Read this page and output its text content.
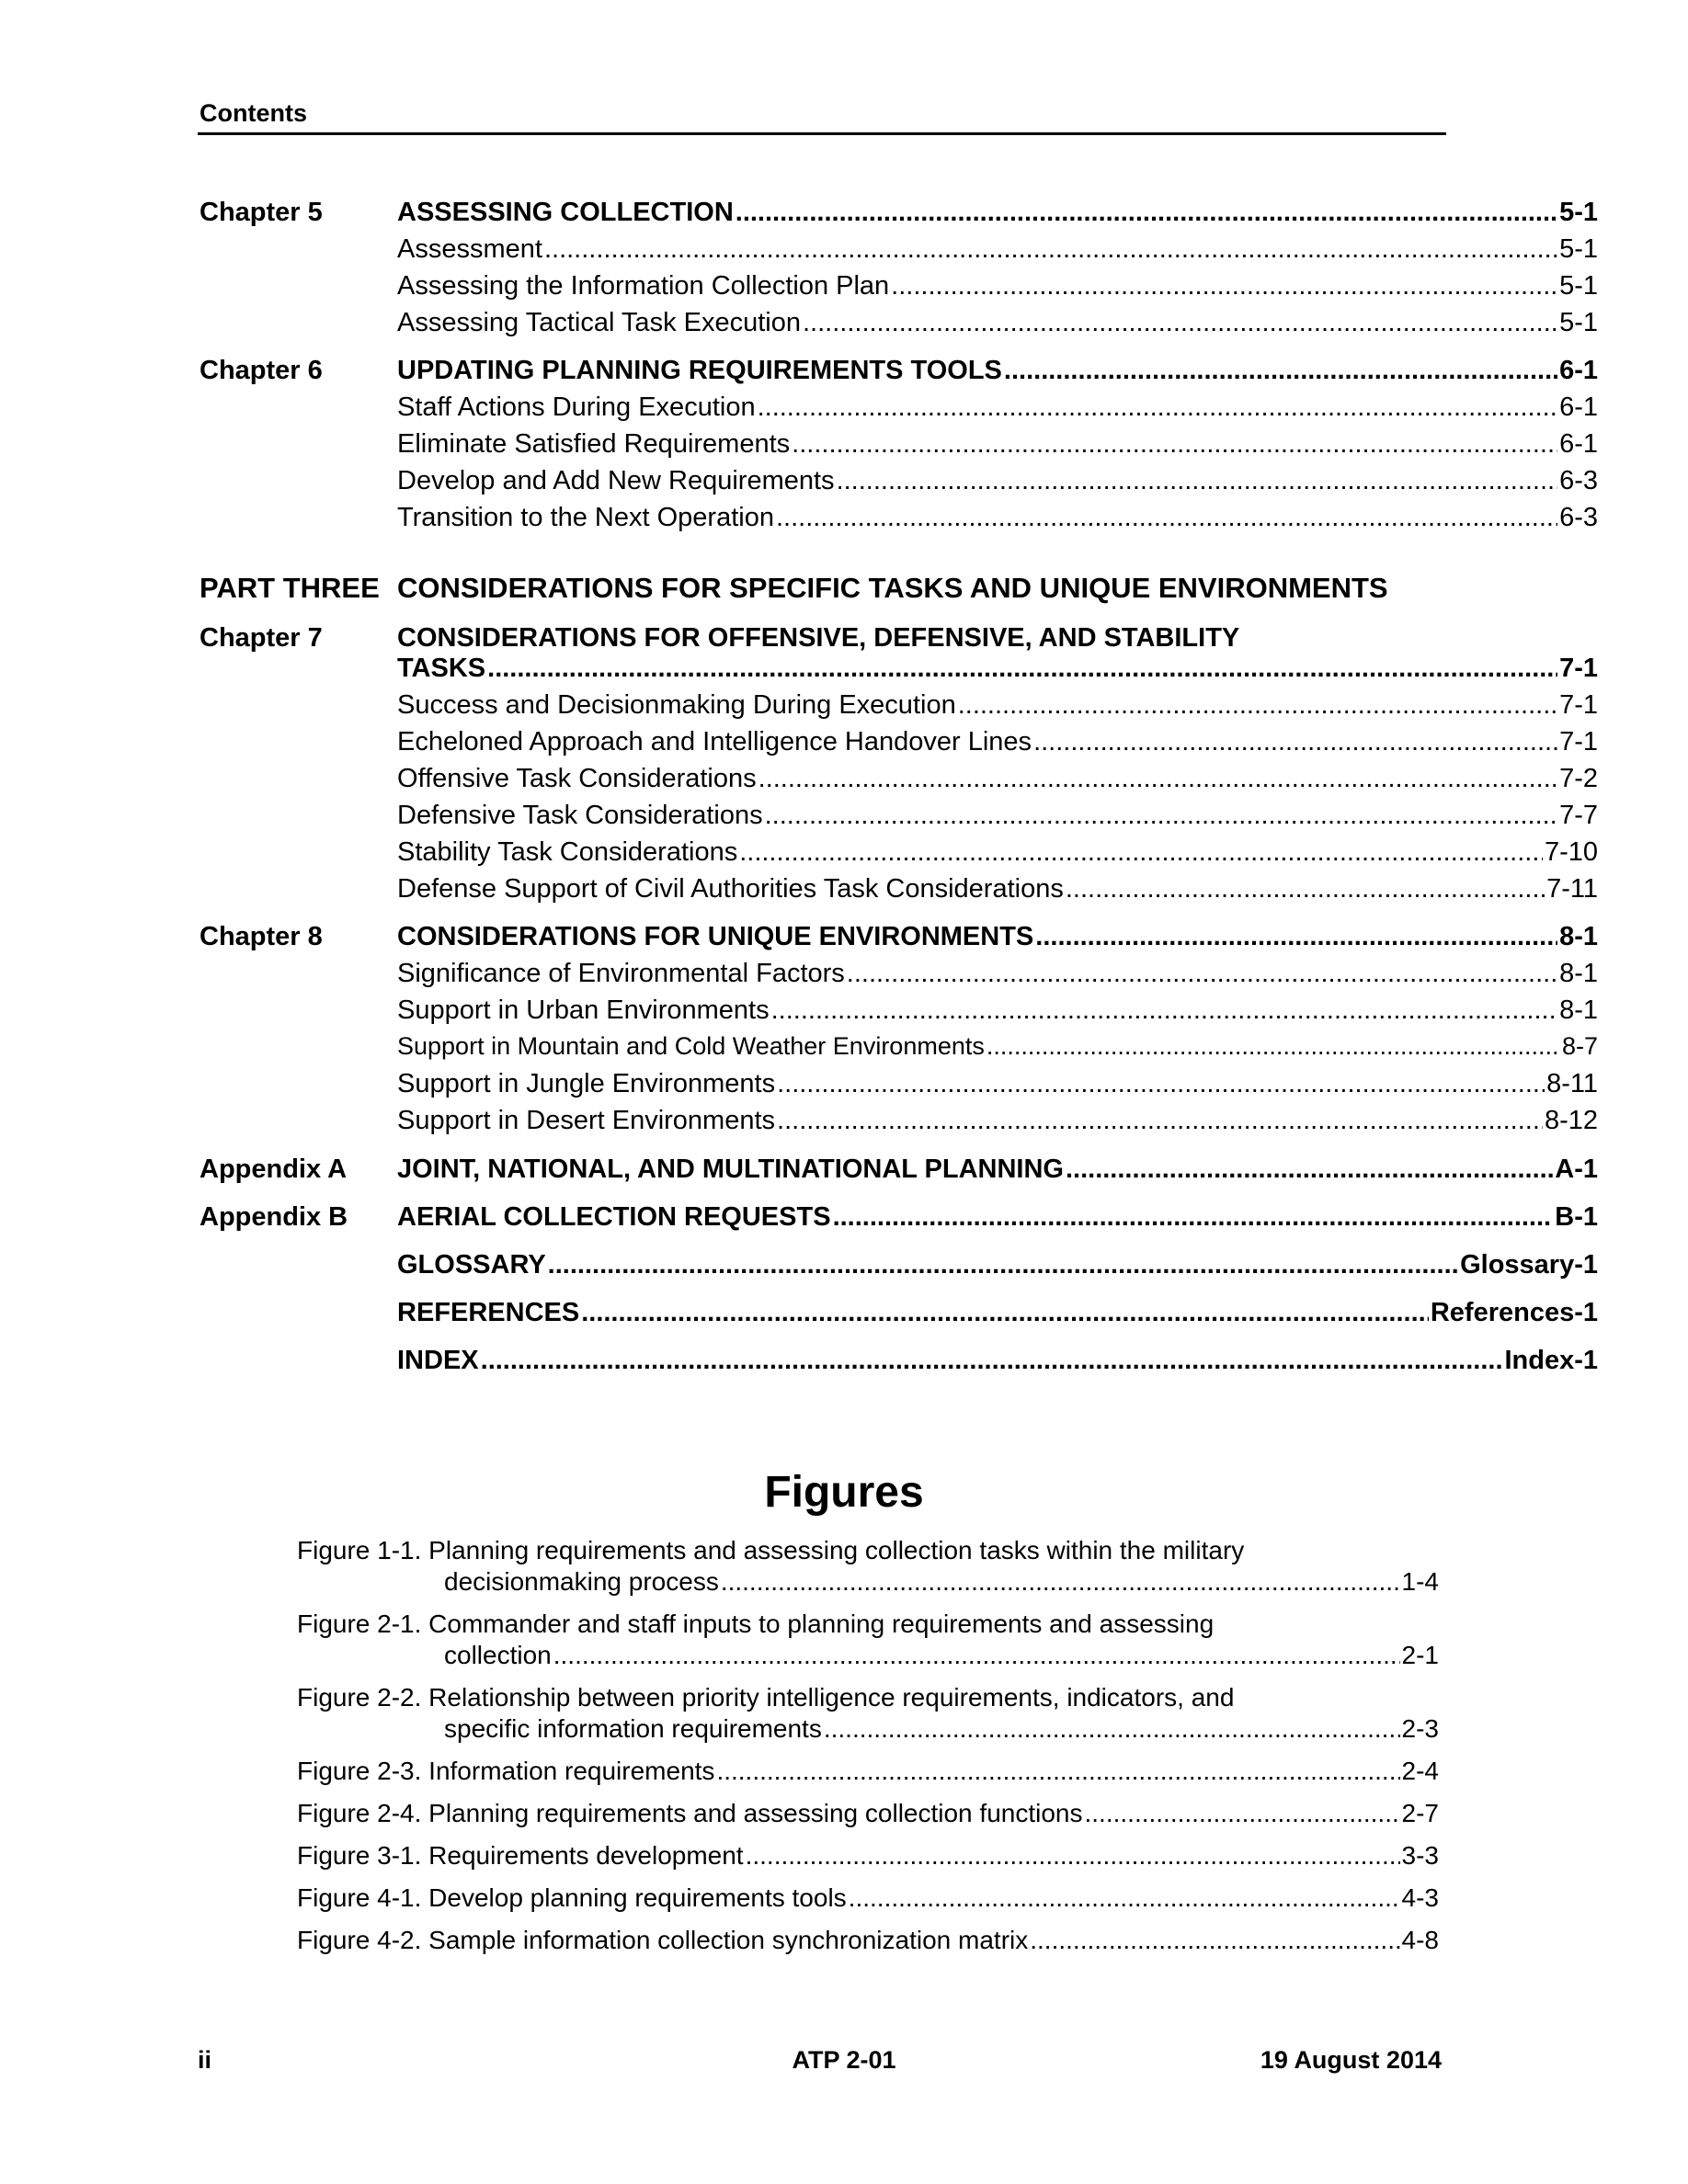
Contents
Chapter 5	ASSESSING COLLECTION .....	5-1
Assessment .....	5-1
Assessing the Information Collection Plan .....	5-1
Assessing Tactical Task Execution .....	5-1
Chapter 6	UPDATING PLANNING REQUIREMENTS TOOLS .....	6-1
Staff Actions During Execution .....	6-1
Eliminate Satisfied Requirements .....	6-1
Develop and Add New Requirements .....	6-3
Transition to the Next Operation .....	6-3
PART THREE CONSIDERATIONS FOR SPECIFIC TASKS AND UNIQUE ENVIRONMENTS
Chapter 7	CONSIDERATIONS FOR OFFENSIVE, DEFENSIVE, AND STABILITY
TASKS .....	7-1
Success and Decisionmaking During Execution .....	7-1
Echeloned Approach and Intelligence Handover Lines .....	7-1
Offensive Task Considerations .....	7-2
Defensive Task Considerations .....	7-7
Stability Task Considerations .....	7-10
Defense Support of Civil Authorities Task Considerations .....	7-11
Chapter 8	CONSIDERATIONS FOR UNIQUE ENVIRONMENTS .....	8-1
Significance of Environmental Factors .....	8-1
Support in Urban Environments .....	8-1
Support in Mountain and Cold Weather Environments .....	8-7
Support in Jungle Environments .....	8-11
Support in Desert Environments .....	8-12
Appendix A JOINT, NATIONAL, AND MULTINATIONAL PLANNING .....	A-1
Appendix B AERIAL COLLECTION REQUESTS .....	B-1
GLOSSARY .....	Glossary-1
REFERENCES .....	References-1
INDEX .....	Index-1
Figures
Figure 1-1. Planning requirements and assessing collection tasks within the military
decisionmaking process .....	1-4
Figure 2-1. Commander and staff inputs to planning requirements and assessing
collection .....	2-1
Figure 2-2. Relationship between priority intelligence requirements, indicators, and
specific information requirements .....	2-3
Figure 2-3. Information requirements .....	2-4
Figure 2-4. Planning requirements and assessing collection functions .....	2-7
Figure 3-1. Requirements development .....	3-3
Figure 4-1. Develop planning requirements tools .....	4-3
Figure 4-2. Sample information collection synchronization matrix .....	4-8
ii	ATP 2-01	19 August 2014
